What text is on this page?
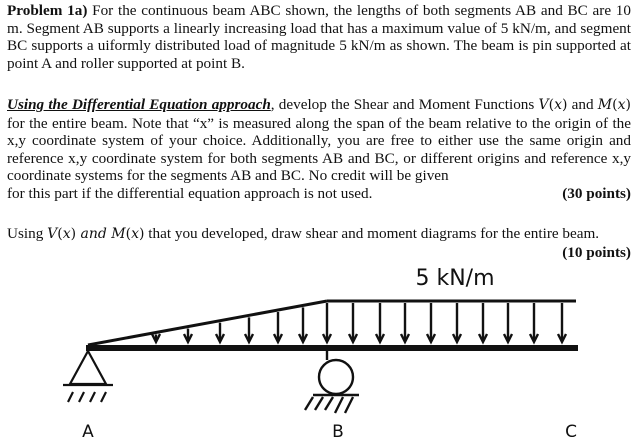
Problem 1a) For the continuous beam ABC shown, the lengths of both segments AB and BC are 10 m. Segment AB supports a linearly increasing load that has a maximum value of 5 kN/m, and segment BC supports a uiformly distributed load of magnitude 5 kN/m as shown. The beam is pin supported at point A and roller supported at point B.
Using the Differential Equation approach, develop the Shear and Moment Functions V(x) and M(x) for the entire beam. Note that “x” is measured along the span of the beam relative to the origin of the x,y coordinate system of your choice. Additionally, you are free to either use the same origin and reference x,y coordinate system for both segments AB and BC, or different origins and reference x,y coordinate systems for the segments AB and BC. No credit will be given
for this part if the differential equation approach is not used.	(30 points)
Using V(x) and M(x) that you developed, draw shear and moment diagrams for the entire beam.
(10 points)
5 kN/m
A	B	C
